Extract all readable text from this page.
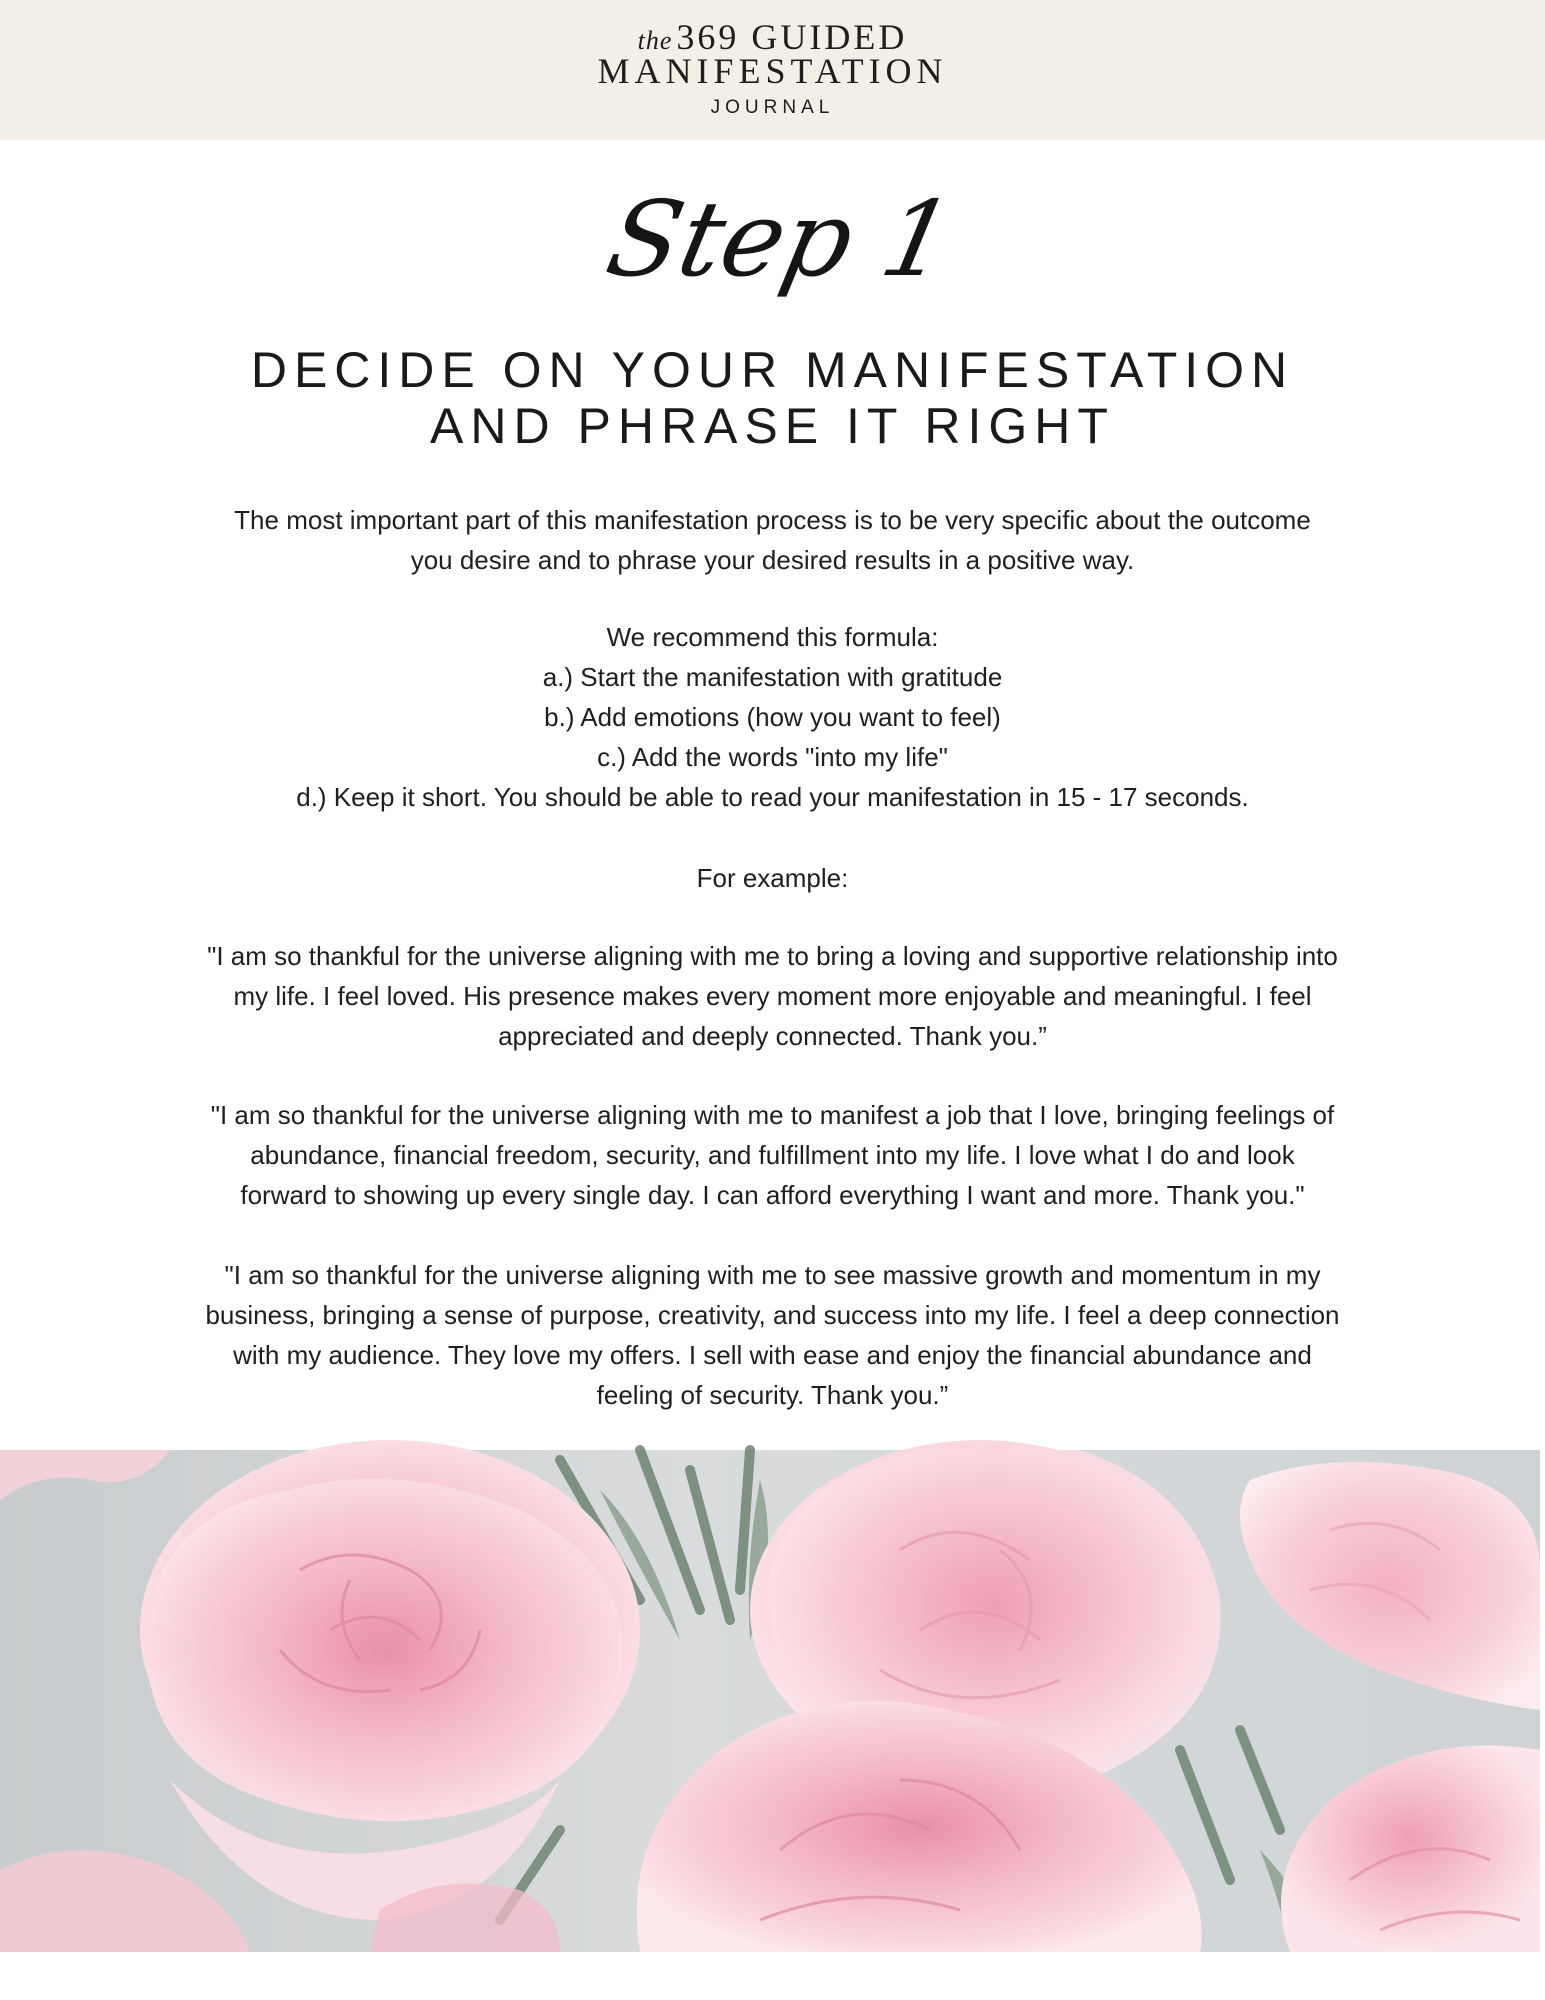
the 369 GUIDED
MANIFESTATION
JOURNAL
Step 1
DECIDE ON YOUR MANIFESTATION
AND PHRASE IT RIGHT

The most important part of this manifestation process is to be very specific about the outcome

you desire and to phrase your desired results in a positive way.

We recommend this formula:

a.) Start the manifestation with gratitude

b.) Add emotions (how you want to feel)

c.) Add the words "into my life"

d.) Keep it short. You should be able to read your manifestation in 15 - 17 seconds.

For example:

"I am so thankful for the universe aligning with me to bring a loving and supportive relationship into

my life. I feel loved. His presence makes every moment more enjoyable and meaningful. I feel

appreciated and deeply connected. Thank you.”

"I am so thankful for the universe aligning with me to manifest a job that I love, bringing feelings of

abundance, financial freedom, security, and fulfillment into my life. I love what I do and look

forward to showing up every single day. I can afford everything I want and more. Thank you."

"I am so thankful for the universe aligning with me to see massive growth and momentum in my

business, bringing a sense of purpose, creativity, and success into my life. I feel a deep connection

with my audience. They love my offers. I sell with ease and enjoy the financial abundance and

feeling of security. Thank you.”
